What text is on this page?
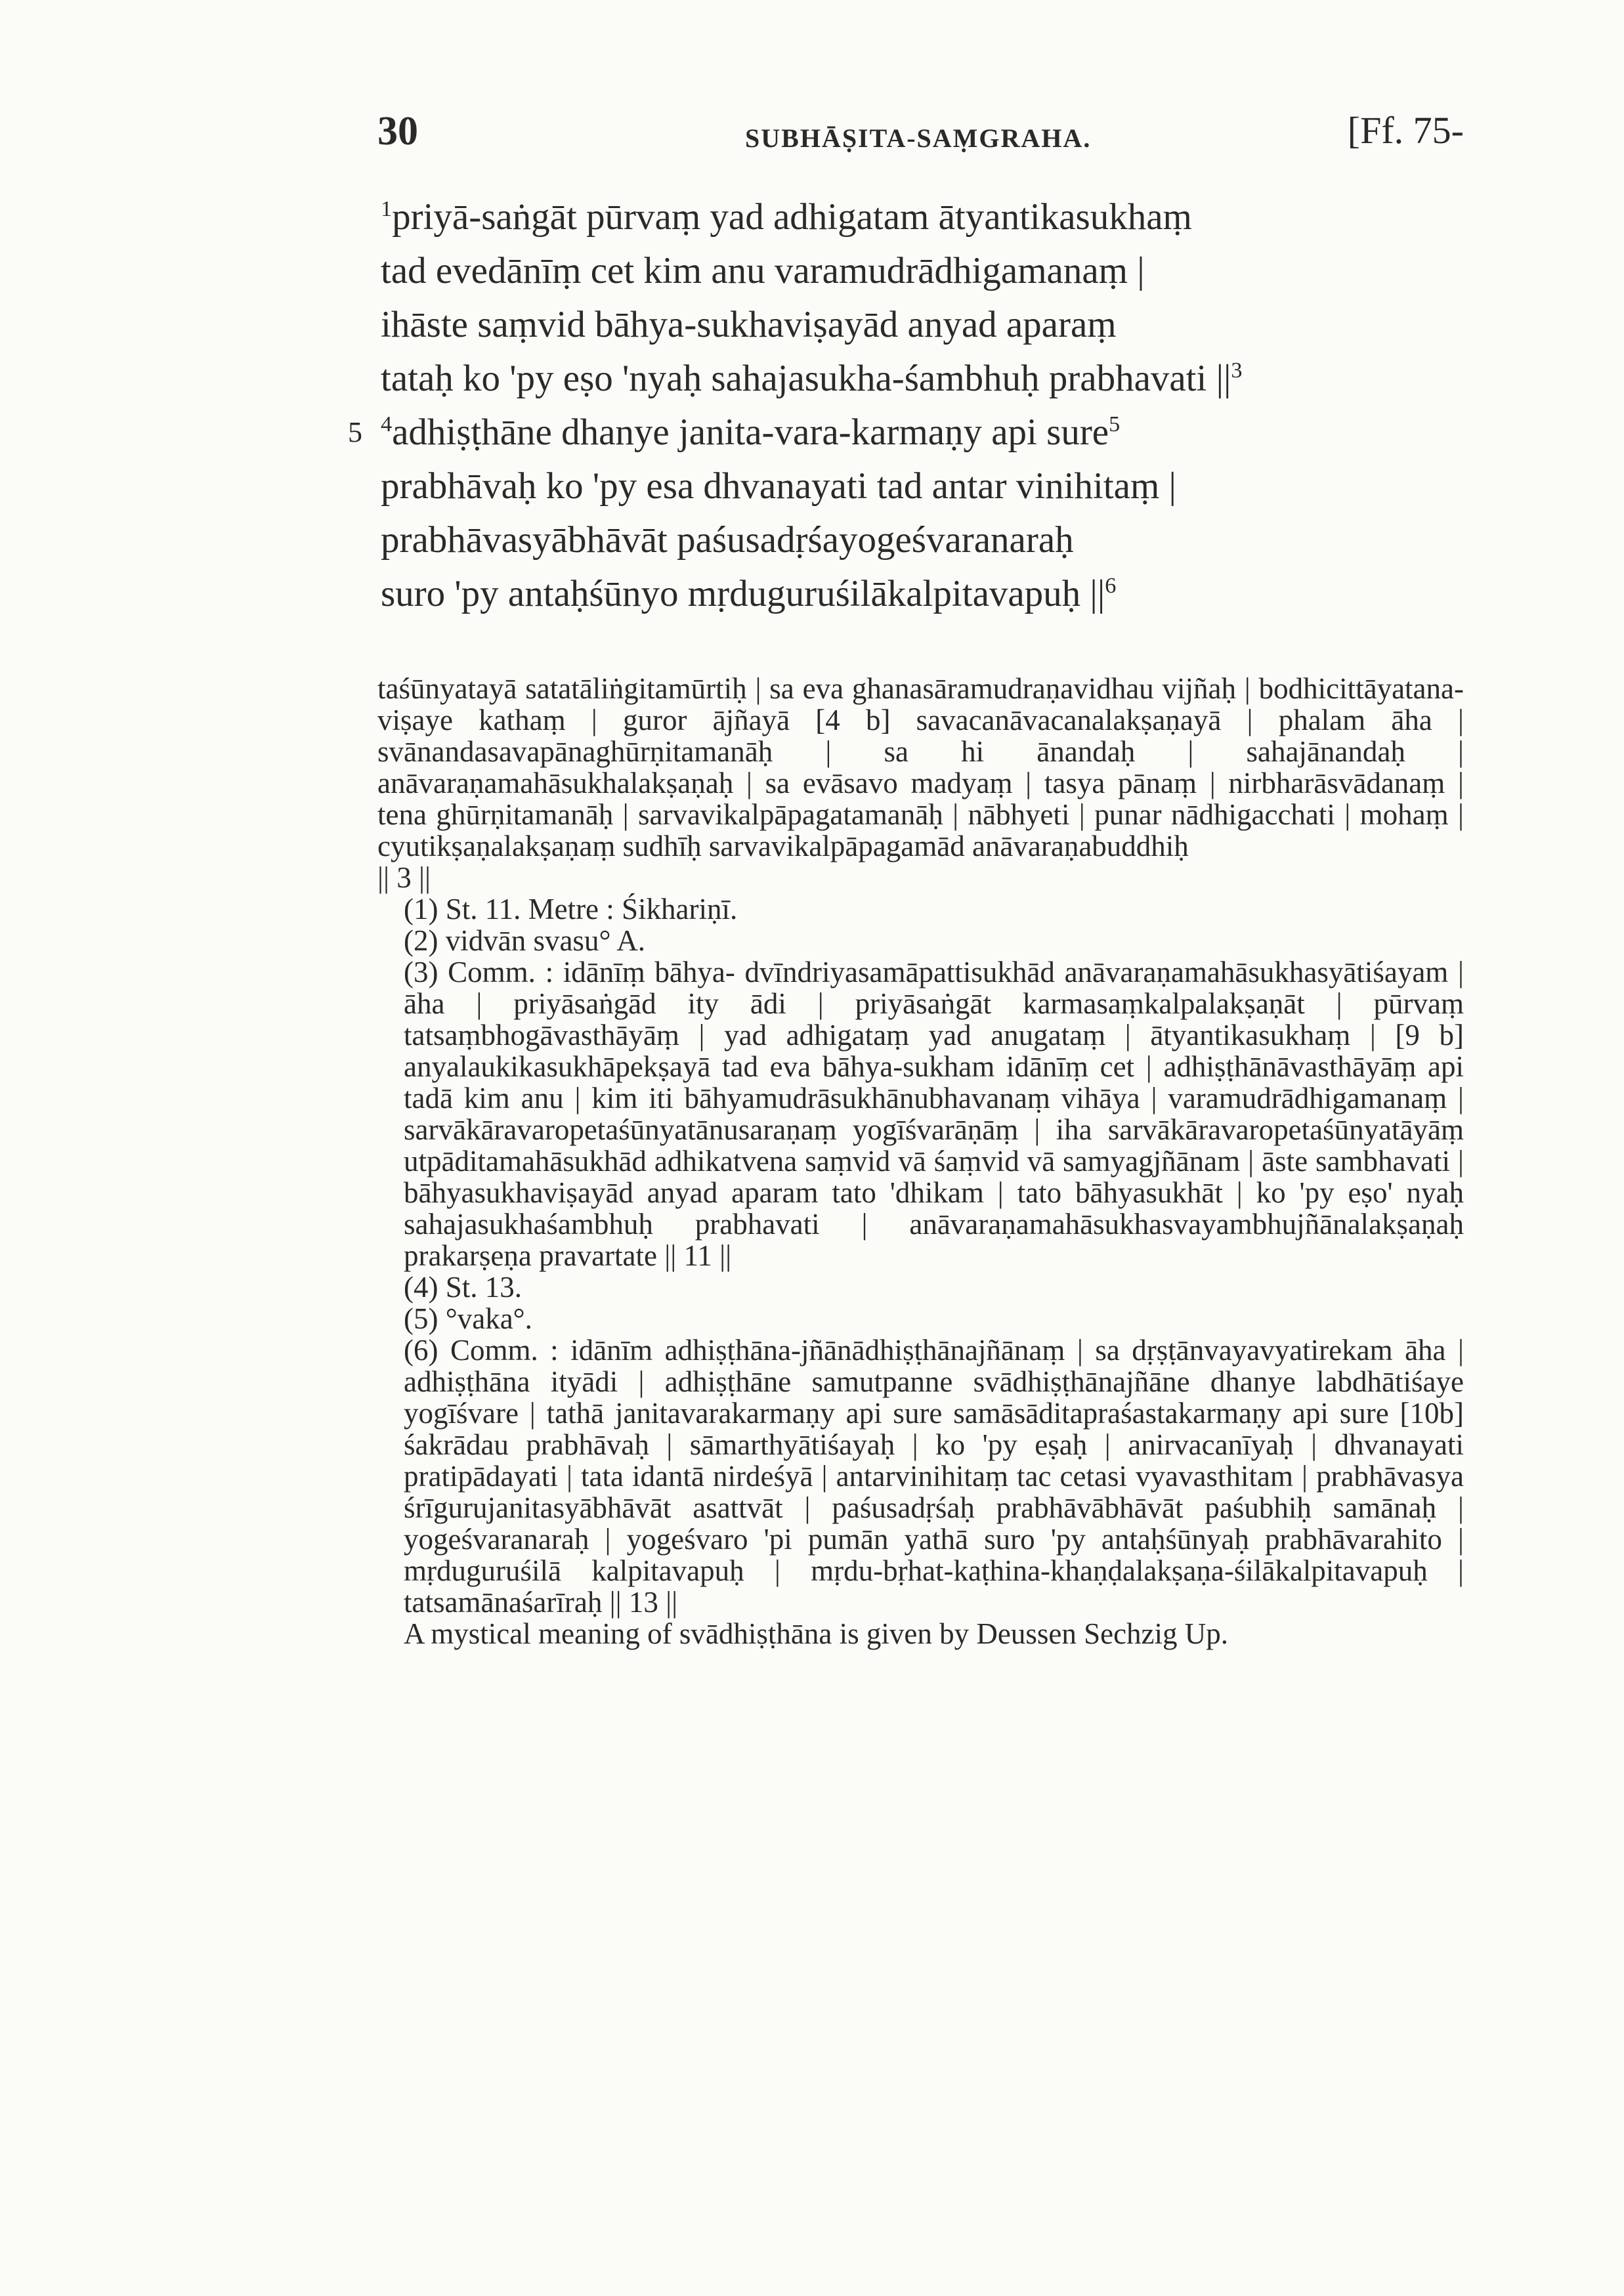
30	SUBHĀṢITA-SAṂGRAHA.	[Ff. 75-
$^1$priyā-saṅgāt pūrvaṃ yad adhigatam ātyantikasukhaṃ
tad evedānīṃ cet kim anu varamudrādhigamanaṃ |
ihāste saṃvid bāhya-sukhaviṣayād anyad aparaṃ
tataḥ ko 'py eṣo 'nyaḥ sahajasukha-śambhuḥ prabhavati $||^3$
5 $^4$adhiṣṭhāne dhanye janita-vara-karmaṇy api sure$^5$
prabhāvaḥ ko 'py esa dhvanayati tad antar vinihitaṃ |
prabhāvasyābhāvāt paśusadṛśayogeśvaranaraḥ
suro 'py antaḥśūnyo mṛduguruśilākalpitavapuḥ $||^6$

taśūnyatayā satatāliṅgitamūrtiḥ | sa eva ghanasāramudraṇavidhau vijñaḥ | bodhicittāyatana-viṣaye kathaṃ | guror ājñayā [4 b] savacanāvacanalakṣaṇayā | phalam āha | svānandasavapānaghūrṇitamanāḥ | sa hi ānandaḥ | sahajānandaḥ | anāvaraṇamahāsukhalakṣaṇaḥ | sa evāsavo madyaṃ | tasya pānaṃ | nirbharāsvādanaṃ | tena ghūrṇitamanāḥ | sarvavikalpāpagatamanāḥ | nābhyeti | punar nādhigacchati | mohaṃ | cyutikṣaṇalakṣaṇaṃ sudhīḥ sarvavikalpāpagamād anāvaraṇabuddhiḥ

|| 3 ||

(1) St. 11. Metre : Śikhariṇī.

(2) vidvān svasu° A.

(3) Comm. : idānīṃ bāhya- dvīndriyasamāpattisukhād anāvaraṇamahāsukhasyātiśayam | āha | priyāsaṅgād ity ādi | priyāsaṅgāt karmasaṃkalpalakṣaṇāt | pūrvaṃ tatsaṃbhogāvasthāyāṃ | yad adhigataṃ yad anugataṃ | ātyantikasukhaṃ | [9 b] anyalaukikasukhāpekṣayā tad eva bāhya-sukham idānīṃ cet | adhiṣṭhānāvasthāyāṃ api tadā kim anu | kim iti bāhyamudrāsukhānubhavanaṃ vihāya | varamudrādhigamanaṃ | sarvākāravaropetaśūnyatānusaraṇaṃ yogīśvarāṇāṃ | iha sarvākāravaropetaśūnyatāyāṃ utpāditamahāsukhād adhikatvena saṃvid vā śaṃvid vā samyagjñānam | āste sambhavati | bāhyasukhaviṣayād anyad aparam tato 'dhikam | tato bāhyasukhāt | ko 'py eṣo' nyaḥ sahajasukhaśambhuḥ prabhavati | anāvaraṇamahāsukhasvayambhujñānalakṣaṇaḥ prakarṣeṇa pravartate || 11 ||

(4) St. 13.

(5) °vaka°.

(6) Comm. : idānīm adhiṣṭhāna-jñānādhiṣṭhānajñānaṃ | sa dṛṣṭānvayavyatirekam āha | adhiṣṭhāna ityādi | adhiṣṭhāne samutpanne svādhiṣṭhānajñāne dhanye labdhātiśaye yogīśvare | tathā janitavarakarmaṇy api sure samāsāditapraśastakarmaṇy api sure [10b] śakrādau prabhāvaḥ | sāmarthyātiśayaḥ | ko 'py eṣaḥ | anirvacanīyaḥ | dhvanayati pratipādayati | tata idantā nirdeśyā | antarvinihitaṃ tac cetasi vyavasthitam | prabhāvasya śrīgurujanitasyābhāvāt asattvāt | paśusadṛśaḥ prabhāvābhāvāt paśubhiḥ samānaḥ | yogeśvaranaraḥ | yogeśvaro 'pi pumān yathā suro 'py antaḥśūnyaḥ prabhāvarahito | mṛduguruśilā kalpitavapuḥ | mṛdu-bṛhat-kaṭhina-khaṇḍalakṣaṇa-śilākalpitavapuḥ | tatsamānaśarīraḥ || 13 ||

A mystical meaning of svādhiṣṭhāna is given by Deussen Sechzig Up.
